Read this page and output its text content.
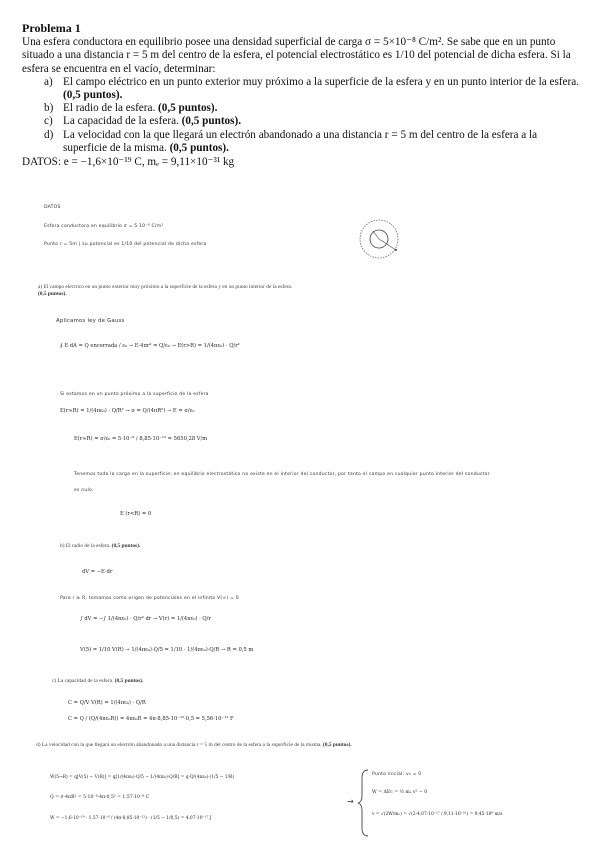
Problema 1

Una esfera conductora en equilibrio posee una densidad superficial de carga σ = 5×10⁻⁸ C/m². Se sabe que en un punto situado a una distancia r = 5 m del centro de la esfera, el potencial electrostático es 1/10 del potencial de dicha esfera. Si la esfera se encuentra en el vacío, determinar:

a) El campo eléctrico en un punto exterior muy próximo a la superficie de la esfera y en un punto interior de la esfera. (0,5 puntos).
b) El radio de la esfera. (0,5 puntos).
c) La capacidad de la esfera. (0,5 puntos).
d) La velocidad con la que llegará un electrón abandonado a una distancia r = 5 m del centro de la esfera a la superficie de la misma. (0,5 puntos).

DATOS: e = −1,6×10⁻¹⁹ C, mₑ = 9,11×10⁻³¹ kg

DATOS
Esfera conductora en equilibrio σ = 5·10⁻⁸ C/m²
Punto r = 5m | su potencial es 1/10 del potencial de dicha esfera
a) El campo eléctrico en un punto exterior muy próximo a la superficie de la esfera y en un punto interior de la esfera. (0,5 puntos).
Aplicamos ley de Gauss
∮ E·dA = Q encerrada / ε₀ → E·4πr² = Q/ε₀ → E(r>R) = 1/(4πε₀) · Q/r²
Si estamos en un punto próximo a la superficie de la esfera
E(r≈R) = 1/(4πε₀) · Q/R² → σ = Q/(4πR²) → E = σ/ε₀
E(r≈R) = σ/ε₀ = 5·10⁻⁸ / 8,85·10⁻¹² = 5650,28 V/m
Tenemos toda la carga en la superficie; en equilibrio electrostático no existe en el interior del conductor, por tanto el campo en cualquier punto interior del conductor
es nulo.
E (r<R) = 0
b) El radio de la esfera. (0,5 puntos).
dV = −E·dr
Para r ≥ R, tomamos como origen de potenciales en el infinito V(∞) = 0
∫ dV = −∫ 1/(4πε₀) · Q/r² dr → V(r) = 1/(4πε₀) · Q/r
V(5) = 1/10 V(R) → 1/(4πε₀)·Q/5 = 1/10 · 1/(4πε₀)·Q/R → R = 0,5 m
c) La capacidad de la esfera. (0,5 puntos).
C = Q/V V(R) = 1/(4πε₀) · Q/R
C = Q / (Q/(4πε₀R)) = 4πε₀R = 4π·8,85·10⁻¹²·0,5 = 5,56·10⁻¹¹ F
d) La velocidad con la que llegará un electrón abandonado a una distancia r = 5 m del centro de la esfera a la superficie de la misma. (0,5 puntos).
W(5→R) = q[V(5) − V(R)] = q[1/(4πε₀)·Q/5 − 1/(4πε₀)·Q/R] = q·Q/(4πε₀)·(1/5 − 1/R)
Q = σ·4πR² = 5·10⁻⁸·4π·0,5² = 1,57·10⁻⁸ C
W = −1,6·10⁻¹⁹ · 1,57·10⁻⁸ / (4π·8,85·10⁻¹²) · (1/5 − 1/0,5) = 4,07·10⁻¹⁷ J
→
Punto inicial: v₀ = 0
W = ΔEc = ½ mₑ v² − 0
v = √(2W/mₑ) = √(2·4,07·10⁻¹⁷ / 9,11·10⁻³¹) = 9,45·10⁶ m/s
